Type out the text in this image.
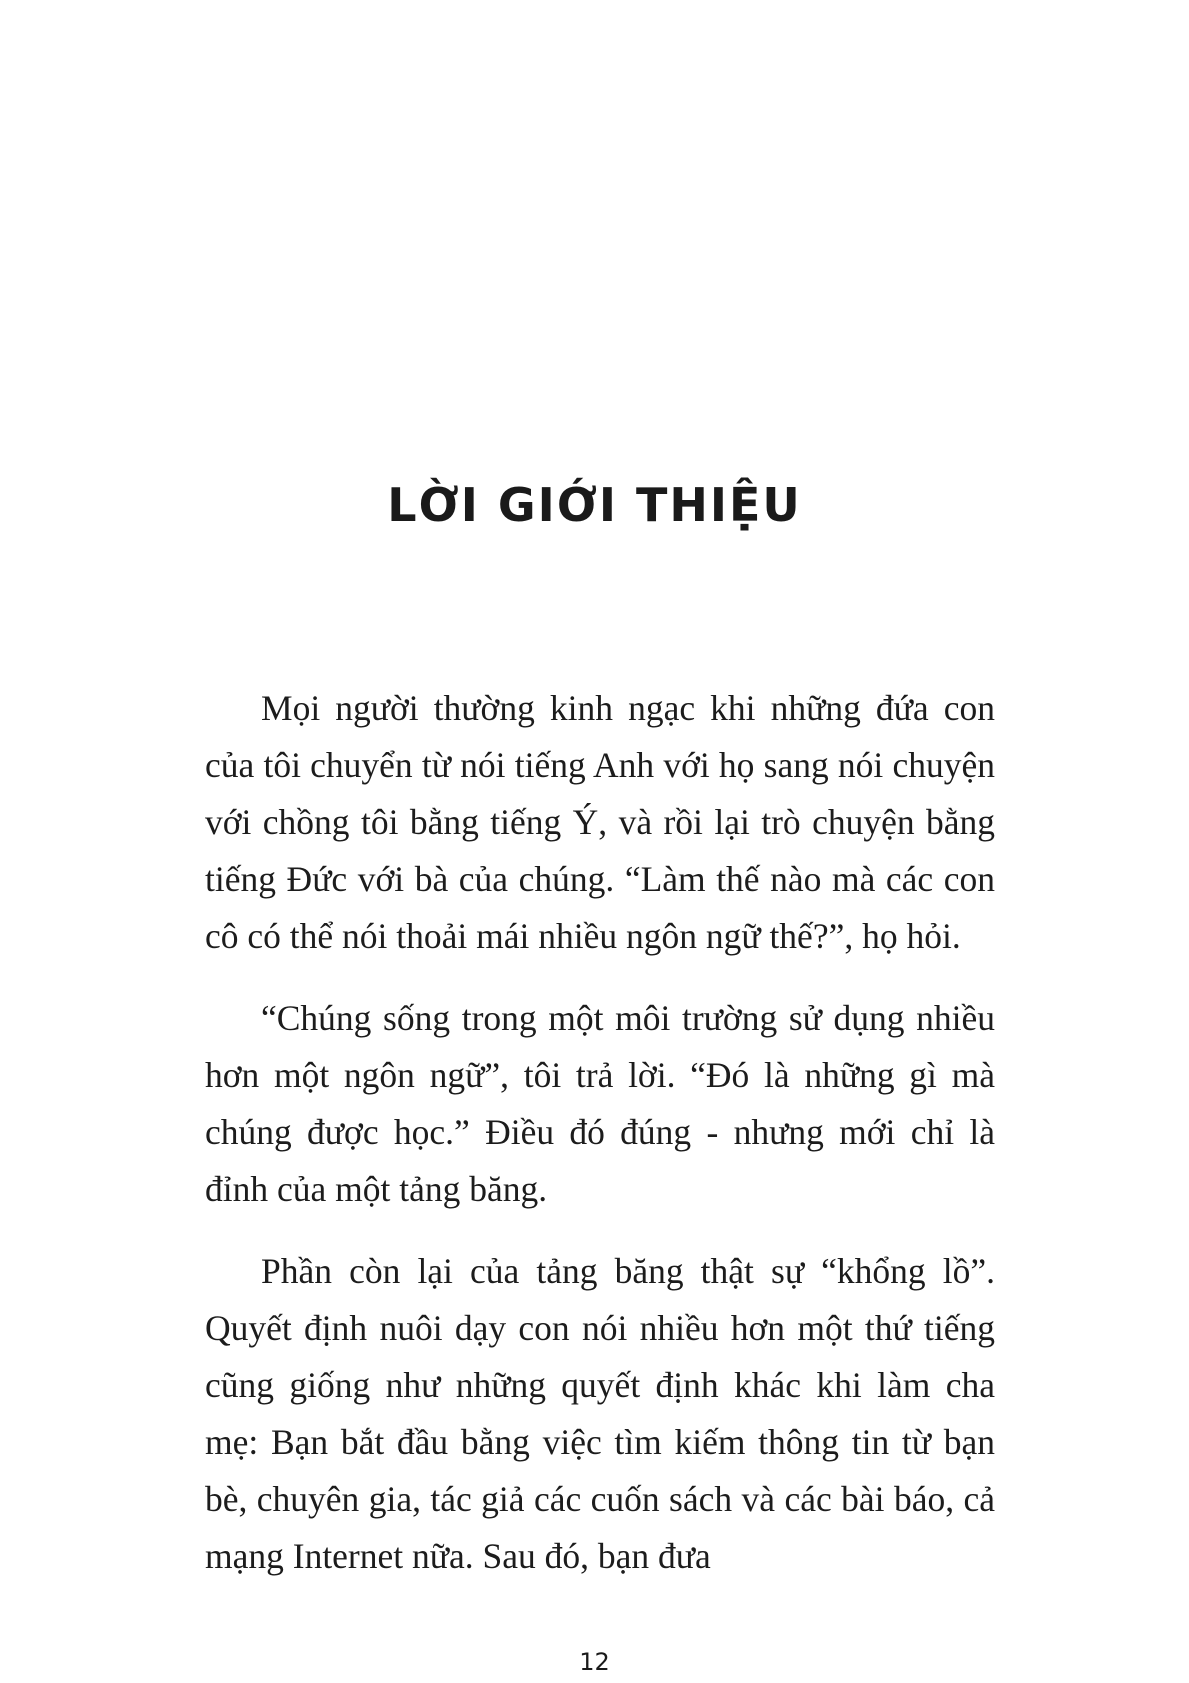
LỜI GIỚI THIỆU

Mọi người thường kinh ngạc khi những đứa con của tôi chuyển từ nói tiếng Anh với họ sang nói chuyện với chồng tôi bằng tiếng Ý, và rồi lại trò chuyện bằng tiếng Đức với bà của chúng. “Làm thế nào mà các con cô có thể nói thoải mái nhiều ngôn ngữ thế?”, họ hỏi.

“Chúng sống trong một môi trường sử dụng nhiều hơn một ngôn ngữ”, tôi trả lời. “Đó là những gì mà chúng được học.” Điều đó đúng - nhưng mới chỉ là đỉnh của một tảng băng.

Phần còn lại của tảng băng thật sự “khổng lồ”. Quyết định nuôi dạy con nói nhiều hơn một thứ tiếng cũng giống như những quyết định khác khi làm cha mẹ: Bạn bắt đầu bằng việc tìm kiếm thông tin từ bạn bè, chuyên gia, tác giả các cuốn sách và các bài báo, cả mạng Internet nữa. Sau đó, bạn đưa

12
